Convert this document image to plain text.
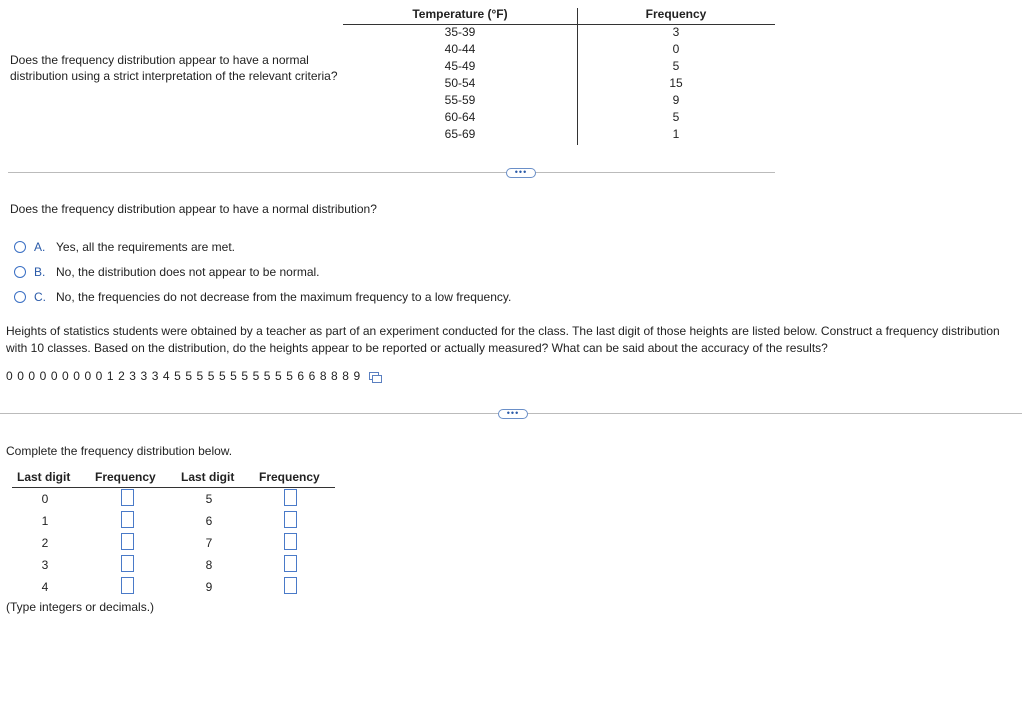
Does the frequency distribution appear to have a normal distribution using a strict interpretation of the relevant criteria?
Temperature (°F)	Frequency
35-39
40-44
45-49
50-54
55-59
60-64
65-69
3
0
5
15
9
5
1
•••
Does the frequency distribution appear to have a normal distribution?
A. Yes, all the requirements are met.
B. No, the distribution does not appear to be normal.
C. No, the frequencies do not decrease from the maximum frequency to a low frequency.
Heights of statistics students were obtained by a teacher as part of an experiment conducted for the class. The last digit of those heights are listed below. Construct a frequency distribution with 10 classes. Based on the distribution, do the heights appear to be reported or actually measured? What can be said about the accuracy of the results?
0 0 0 0 0 0 0 0 0 1 2 3 3 3 4 5 5 5 5 5 5 5 5 5 5 5 6 6 8 8 8 9
•••
Complete the frequency distribution below.
Last digit Frequency Last digit Frequency
0
1
2
3
4
5
6
7
8
9
(Type integers or decimals.)
